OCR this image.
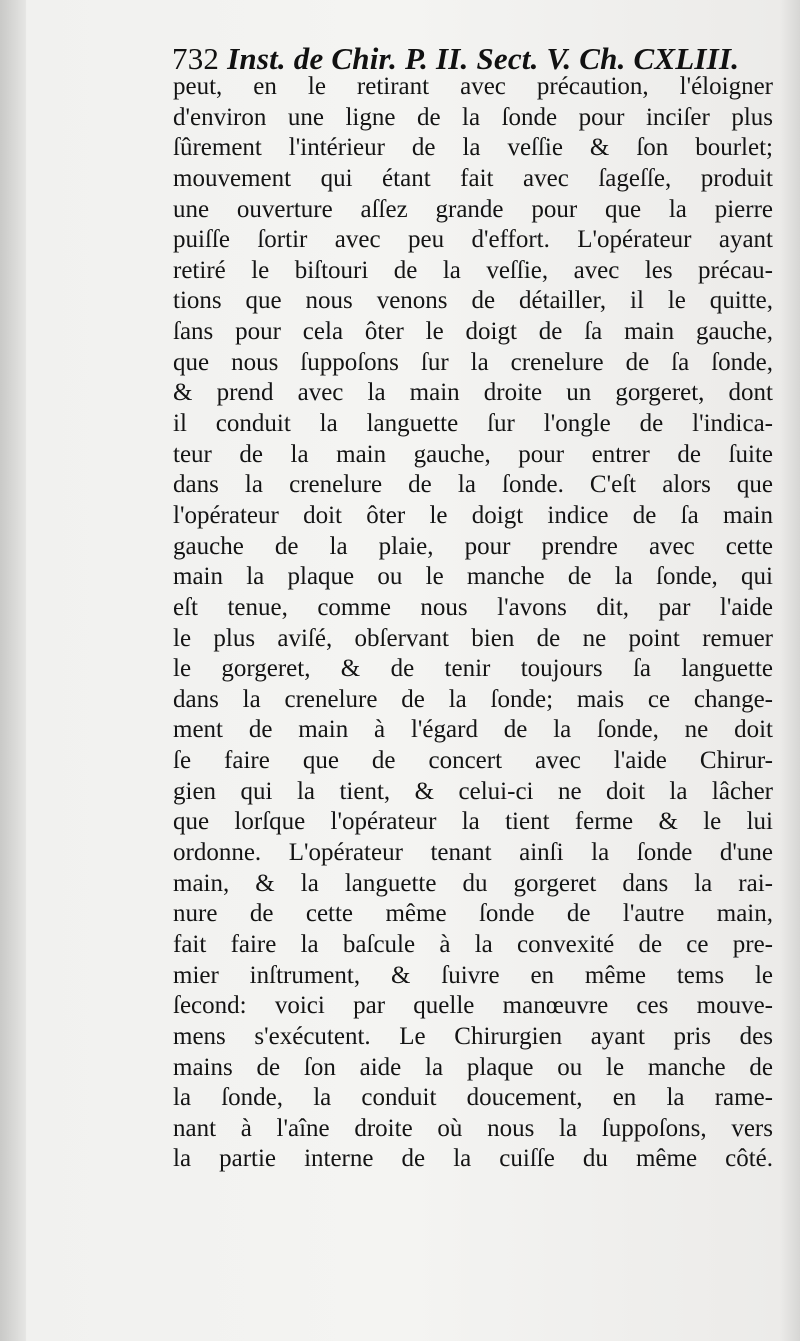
732 Inst. de Chir. P. II. Sect. V. Ch. CXLIII.
peut, en le retirant avec précaution, l'éloigner
d'environ une ligne de la ſonde pour inciſer plus
ſûrement l'intérieur de la veſſie & ſon bourlet;
mouvement qui étant fait avec ſageſſe, produit
une ouverture aſſez grande pour que la pierre
puiſſe ſortir avec peu d'effort. L'opérateur ayant
retiré le biſtouri de la veſſie, avec les précau-
tions que nous venons de détailler, il le quitte,
ſans pour cela ôter le doigt de ſa main gauche,
que nous ſuppoſons ſur la crenelure de ſa ſonde,
& prend avec la main droite un gorgeret, dont
il conduit la languette ſur l'ongle de l'indica-
teur de la main gauche, pour entrer de ſuite
dans la crenelure de la ſonde. C'eſt alors que
l'opérateur doit ôter le doigt indice de ſa main
gauche de la plaie, pour prendre avec cette
main la plaque ou le manche de la ſonde, qui
eſt tenue, comme nous l'avons dit, par l'aide
le plus aviſé, obſervant bien de ne point remuer
le gorgeret, & de tenir toujours ſa languette
dans la crenelure de la ſonde; mais ce change-
ment de main à l'égard de la ſonde, ne doit
ſe faire que de concert avec l'aide Chirur-
gien qui la tient, & celui-ci ne doit la lâcher
que lorſque l'opérateur la tient ferme & le lui
ordonne. L'opérateur tenant ainſi la ſonde d'une
main, & la languette du gorgeret dans la rai-
nure de cette même ſonde de l'autre main,
fait faire la baſcule à la convexité de ce pre-
mier inſtrument, & ſuivre en même tems le
ſecond: voici par quelle manœuvre ces mouve-
mens s'exécutent. Le Chirurgien ayant pris des
mains de ſon aide la plaque ou le manche de
la ſonde, la conduit doucement, en la rame-
nant à l'aîne droite où nous la ſuppoſons, vers
la partie interne de la cuiſſe du même côté.
